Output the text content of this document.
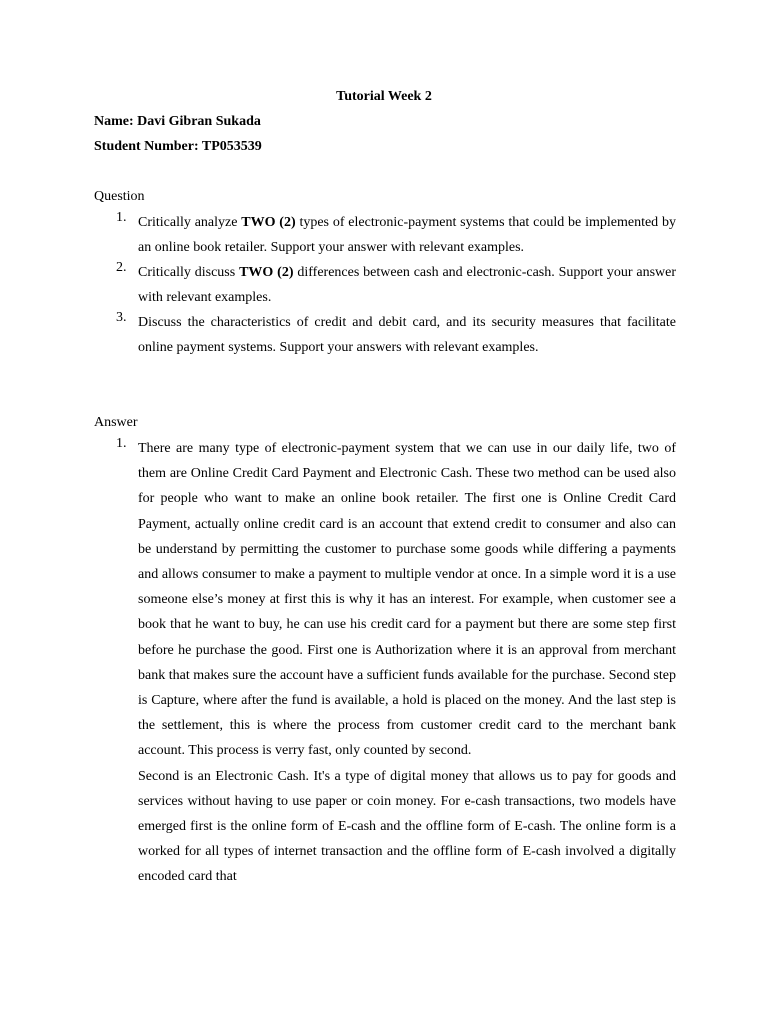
Tutorial Week 2
Name: Davi Gibran Sukada
Student Number: TP053539
Question
1. Critically analyze TWO (2) types of electronic-payment systems that could be implemented by an online book retailer. Support your answer with relevant examples.

2. Critically discuss TWO (2) differences between cash and electronic-cash. Support your answer with relevant examples.

3. Discuss the characteristics of credit and debit card, and its security measures that facilitate online payment systems. Support your answers with relevant examples.

Answer
1. There are many type of electronic-payment system that we can use in our daily life, two of them are Online Credit Card Payment and Electronic Cash. These two method can be used also for people who want to make an online book retailer. The first one is Online Credit Card Payment, actually online credit card is an account that extend credit to consumer and also can be understand by permitting the customer to purchase some goods while differing a payments and allows consumer to make a payment to multiple vendor at once. In a simple word it is a use someone else’s money at first this is why it has an interest. For example, when customer see a book that he want to buy, he can use his credit card for a payment but there are some step first before he purchase the good. First one is Authorization where it is an approval from merchant bank that makes sure the account have a sufficient funds available for the purchase. Second step is Capture, where after the fund is available, a hold is placed on the money. And the last step is the settlement, this is where the process from customer credit card to the merchant bank account. This process is verry fast, only counted by second.

Second is an Electronic Cash. It's a type of digital money that allows us to pay for goods and services without having to use paper or coin money. For e-cash transactions, two models have emerged first is the online form of E-cash and the offline form of E-cash. The online form is a worked for all types of internet transaction and the offline form of E-cash involved a digitally encoded card that
